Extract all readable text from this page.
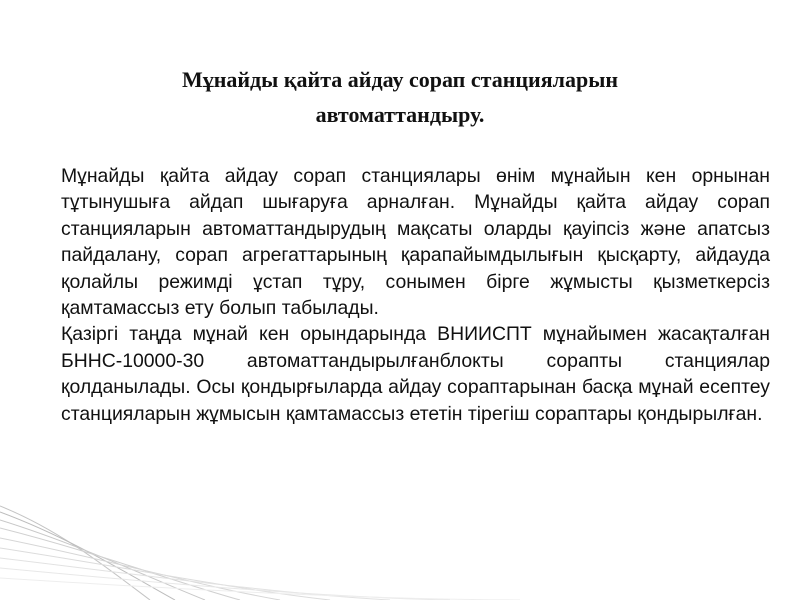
Мұнайды қайта айдау сорап станцияларын автоматтандыру.

Мұнайды қайта айдау сорап станциялары өнім мұнайын кен орнынан тұтынушыға айдап шығаруға арналған. Мұнайды қайта айдау сорап станцияларын автоматтандырудың мақсаты оларды қауіпсіз және апатсыз пайдалану, сорап агрегаттарының қарапайымдылығын қысқарту, айдауда қолайлы режимді ұстап тұру, сонымен бірге жұмысты қызметкерсіз қамтамассыз ету болып табылады.

Қазіргі таңда мұнай кен орындарында ВНИИСПТ мұнайымен жасақталған БННС-10000-30 автоматтандырылғанблокты сорапты станциялар қолданылады. Осы қондырғыларда айдау сораптарынан басқа мұнай есептеу станцияларын жұмысын қамтамассыз ететін тірегіш сораптары қондырылған.
